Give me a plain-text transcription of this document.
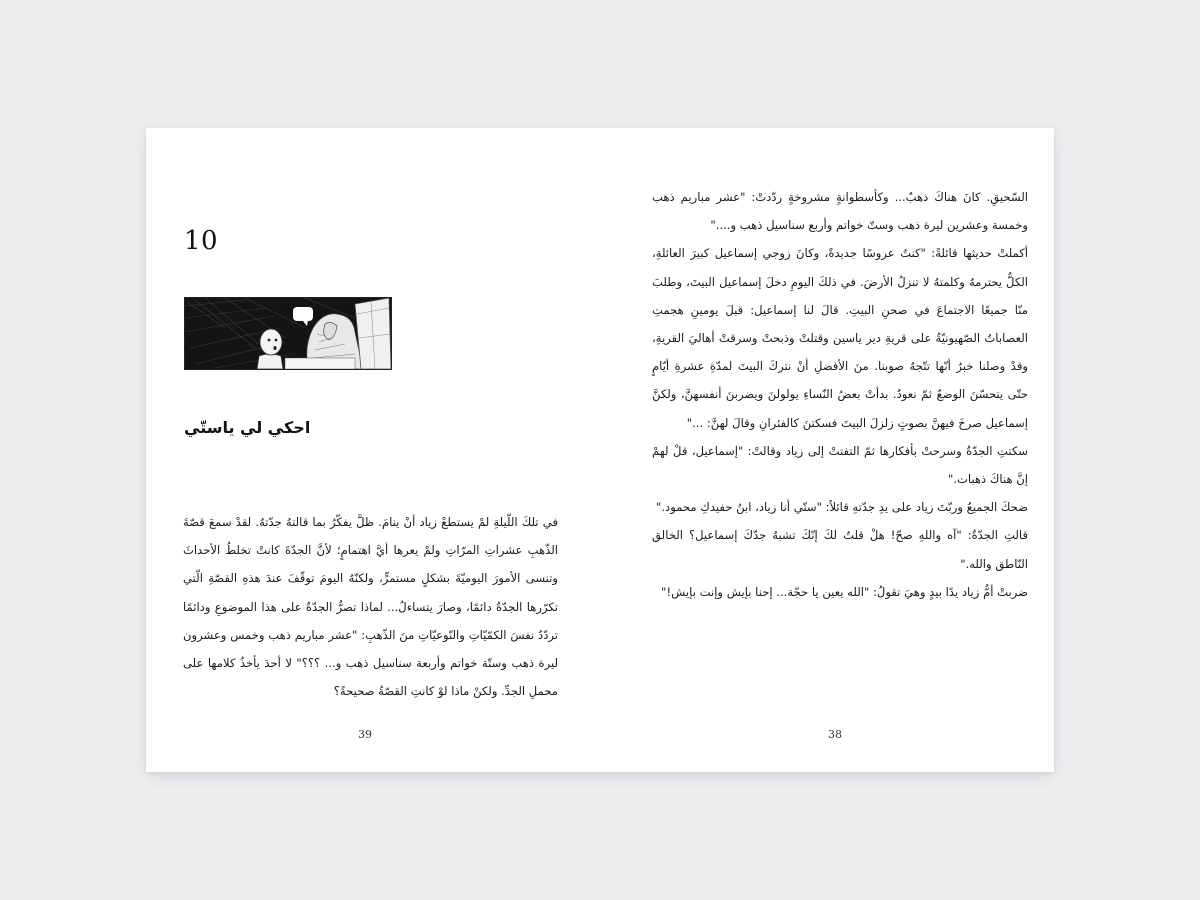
10
احكي لي ياستّي

في تلكَ اللّيلةِ لمْ يستطعْ زياد أنْ ينامَ. ظلَّ يفكّرُ بما قالتهُ جدّتهُ. لقدْ سمعَ قصّةَ الذّهبِ عشراتِ المرّاتِ ولمْ يعرها أيَّ اهتمامٍ؛ لأنَّ الجدّةَ كانتْ تخلطُ الأحداثَ وتنسى الأمورَ اليوميّةَ بشكلٍ مستمرٍّ، ولكنّهُ اليومَ توقّفَ عندَ هذهِ القصّةِ الّتي تكرّرها الجدّةُ دائمًا، وصارَ يتساءلُ... لماذا تصرُّ الجدّةُ على هذا الموضوعِ ودائمًا تردّدُ نفسَ الكمّيّاتِ والنّوعيّاتِ منَ الذّهبِ: "عشر مباريم ذهب وخمس وعشرون ليرة ذهب وستّة خواتم وأربعة سناسيل ذهب و... ؟؟؟" لا أحدَ يأخذُ كلامها على محملِ الجدِّ. ولكنْ ماذا لوْ كانتِ القصّةُ صحيحةً؟

39

السّحيقِ. كانَ هناكَ ذهبٌ... وكأسطوانةٍ مشروخةٍ ردّدتْ: "عشر مباريم ذهب وخمسة وعشرين ليرة ذهب وستّ خواتم وأربع سناسيل ذهب و...."

أكملتْ حديثها قائلةً: "كنتُ عروسًا جديدةً، وكانَ زوجي إسماعيل كبيرَ العائلةِ، الكلُّ يحترمهُ وكلمتهُ لا تنزلُ الأرضَ. في ذلكَ اليومِ دخلَ إسماعيل البيتَ، وطلبَ منّا جميعًا الاجتماعَ في صحنِ البيتِ. قالَ لنا إسماعيل: قبلَ يومينِ هجمتِ العصاباتُ الصّهيونيّةُ على قريةِ دير ياسين وقتلتْ وذبحتْ وسرقتْ أهاليَ القريةِ، وقدْ وصلنا خبرٌ أنّها تتّجهُ صوبنا. منَ الأفضلِ أنْ نتركَ البيتَ لمدّةِ عشرةِ أيّامٍ حتّى يتحسّنَ الوضعُ ثمّ نعودُ. بدأتْ بعضُ النّساءِ يولولنَ ويضربنَ أنفسهنَّ، ولكنَّ إسماعيل صرخَ فيهنَّ بصوتٍ زلزلَ البيتَ فسكتنَ كالفئرانِ وقالَ لهنَّ: ..."

سكتتِ الجدّةُ وسرحتْ بأفكارها ثمّ التفتتْ إلى زياد وقالتْ: "إسماعيل، قلْ لهمْ إنَّ هناكَ ذهبات."

ضحكَ الجميعُ وربّتَ زياد على يدِ جدّتهِ قائلاً: "ستّي أنا زياد، ابنُ حفيدكِ محمود."

قالتِ الجدّةُ: "آه واللهِ صحّ! هلْ قلتُ لكَ إنّكَ تشبهُ جدّكَ إسماعيل؟ الخالق النّاطق والله."

ضربتْ أمُّ زياد يدًا بيدٍ وهيَ تقولُ: "الله يعين يا حجّة... إحنا بإيش وإنت بإيش!"

38
